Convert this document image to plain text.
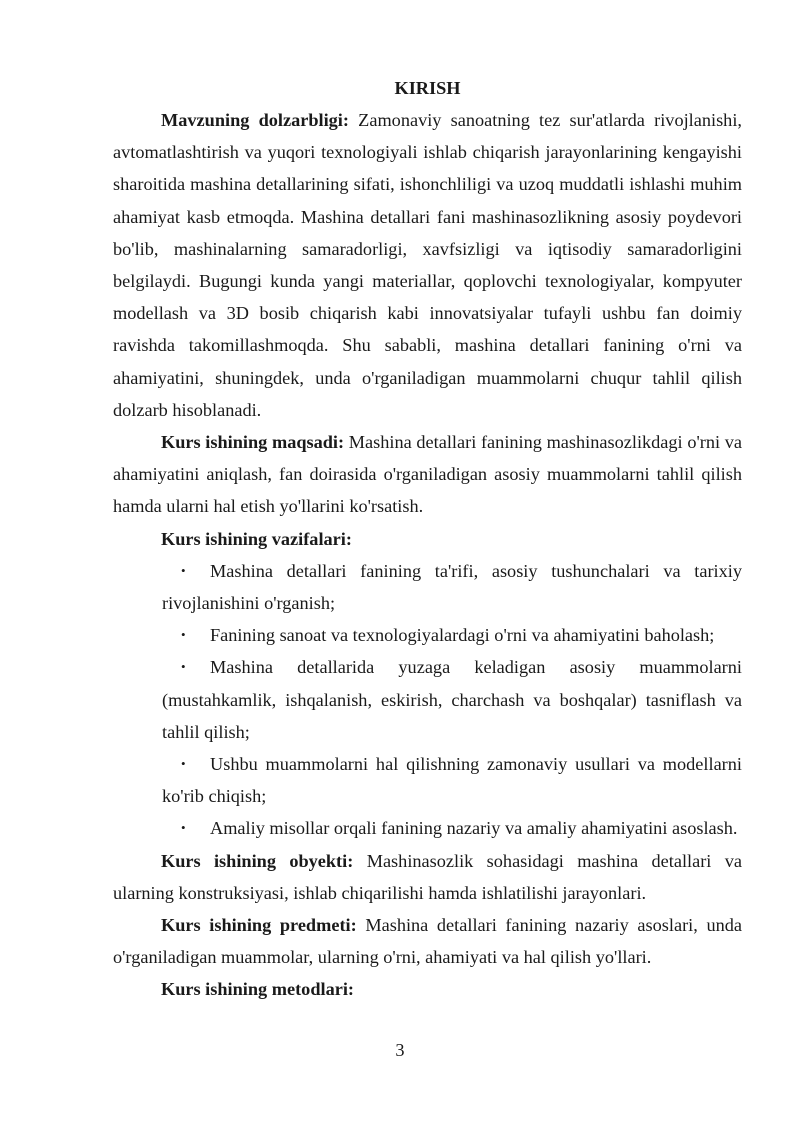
KIRISH

Mavzuning dolzarbligi: Zamonaviy sanoatning tez sur'atlarda rivojlanishi, avtomatlashtirish va yuqori texnologiyali ishlab chiqarish jarayonlarining kengayishi sharoitida mashina detallarining sifati, ishonchliligi va uzoq muddatli ishlashi muhim ahamiyat kasb etmoqda. Mashina detallari fani mashinasozlikning asosiy poydevori bo'lib, mashinalarning samaradorligi, xavfsizligi va iqtisodiy samaradorligini belgilaydi. Bugungi kunda yangi materiallar, qoplovchi texnologiyalar, kompyuter modellash va 3D bosib chiqarish kabi innovatsiyalar tufayli ushbu fan doimiy ravishda takomillashmoqda. Shu sababli, mashina detallari fanining o'rni va ahamiyatini, shuningdek, unda o'rganiladigan muammolarni chuqur tahlil qilish dolzarb hisoblanadi.

Kurs ishining maqsadi: Mashina detallari fanining mashinasozlikdagi o'rni va ahamiyatini aniqlash, fan doirasida o'rganiladigan asosiy muammolarni tahlil qilish hamda ularni hal etish yo'llarini ko'rsatish.

Kurs ishining vazifalari:

•	Mashina detallari fanining ta'rifi, asosiy tushunchalari va tarixiy rivojlanishini o'rganish;

•	Fanining sanoat va texnologiyalardagi o'rni va ahamiyatini baholash;

•	Mashina detallarida yuzaga keladigan asosiy muammolarni (mustahkamlik, ishqalanish, eskirish, charchash va boshqalar) tasniflash va tahlil qilish;

•	Ushbu muammolarni hal qilishning zamonaviy usullari va modellarni ko'rib chiqish;

•	Amaliy misollar orqali fanining nazariy va amaliy ahamiyatini asoslash.

Kurs ishining obyekti: Mashinasozlik sohasidagi mashina detallari va ularning konstruksiyasi, ishlab chiqarilishi hamda ishlatilishi jarayonlari.

Kurs ishining predmeti: Mashina detallari fanining nazariy asoslari, unda o'rganiladigan muammolar, ularning o'rni, ahamiyati va hal qilish yo'llari.

Kurs ishining metodlari:

3
